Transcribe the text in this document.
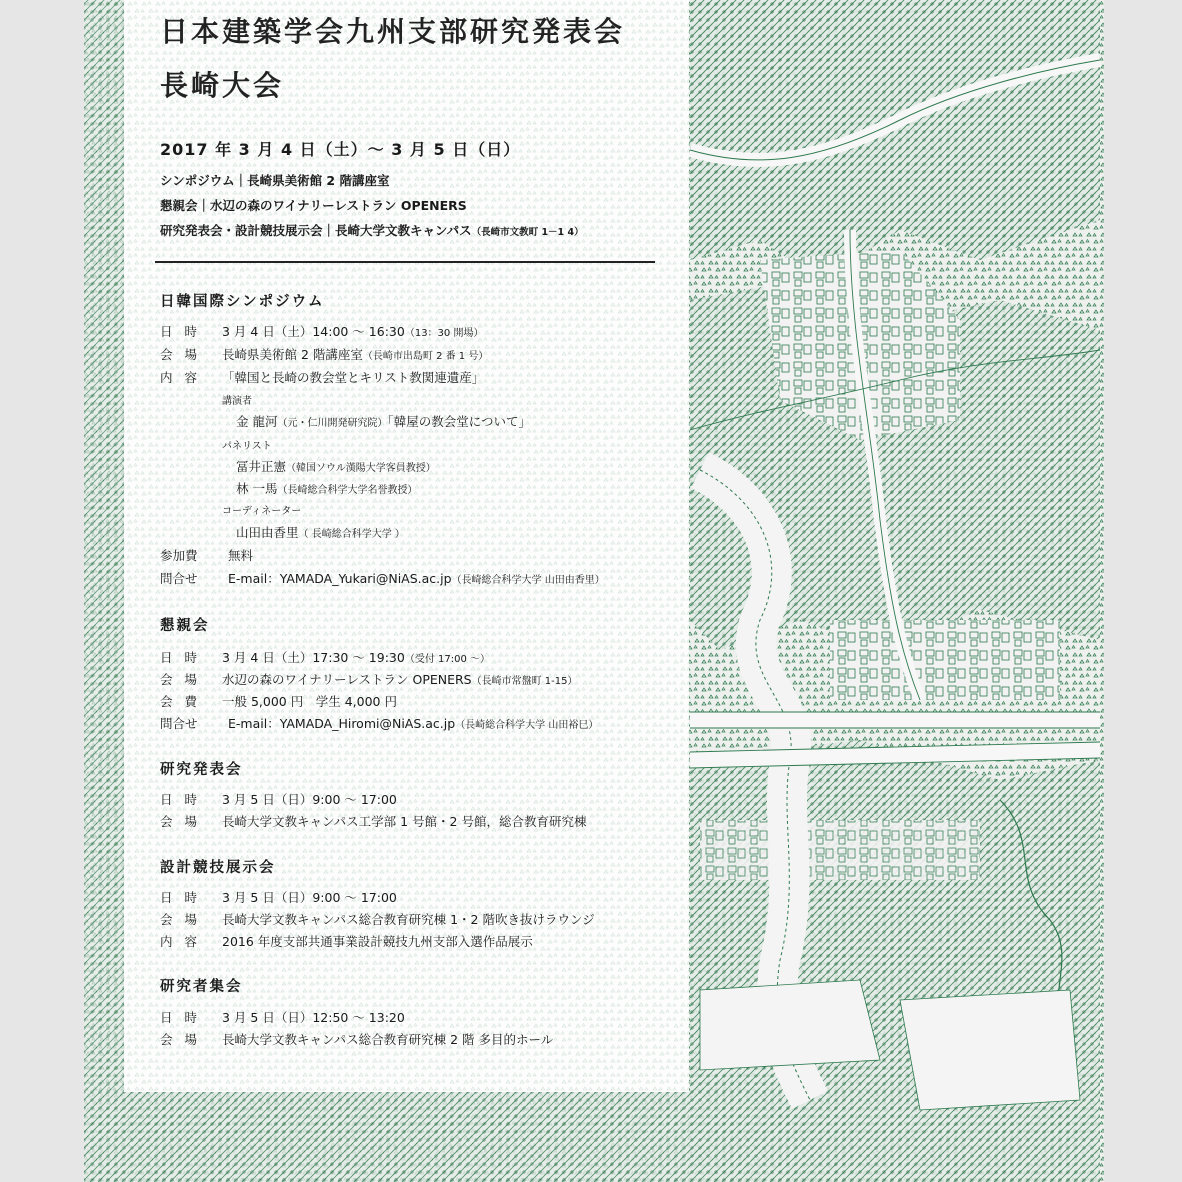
日本建築学会九州支部研究発表会
長崎大会
2017 年 3 月 4 日（土）〜 3 月 5 日（日）
シンポジウム｜長崎県美術館 2 階講座室
懇親会｜水辺の森のワイナリーレストラン OPENERS
研究発表会・設計競技展示会｜長崎大学文教キャンパス（長崎市文教町 1－1 4）
日韓国際シンポジウム
日 時 3 月 4 日（土）14:00 〜 16:30（13：30 開場）
会 場 長崎県美術館 2 階講座室（長崎市出島町 2 番 1 号）
内 容 「韓国と長崎の教会堂とキリスト教関連遺産」
講演者
金 龍河（元・仁川開発研究院）「韓屋の教会堂について」
パネリスト
冨井正憲（韓国ソウル漢陽大学客員教授）
林 一馬（長崎総合科学大学名誉教授）
コーディネーター
山田由香里（ 長崎総合科学大学 ）
参加費 無料
問合せ E-mail：YAMADA_Yukari@NiAS.ac.jp（長崎総合科学大学 山田由香里）
懇親会
日 時 3 月 4 日（土）17:30 〜 19:30（受付 17:00 〜）
会 場 水辺の森のワイナリーレストラン OPENERS（長崎市常盤町 1-15）
会 費 一般 5,000 円　学生 4,000 円
問合せ E-mail：YAMADA_Hiromi@NiAS.ac.jp（長崎総合科学大学 山田裕巳）
研究発表会
日 時 3 月 5 日（日）9:00 〜 17:00
会 場 長崎大学文教キャンパス工学部 1 号館・2 号館，総合教育研究棟
設計競技展示会
日 時 3 月 5 日（日）9:00 〜 17:00
会 場 長崎大学文教キャンパス総合教育研究棟 1・2 階吹き抜けラウンジ
内 容 2016 年度支部共通事業設計競技九州支部入選作品展示
研究者集会
日 時 3 月 5 日（日）12:50 〜 13:20
会 場 長崎大学文教キャンパス総合教育研究棟 2 階 多目的ホール
